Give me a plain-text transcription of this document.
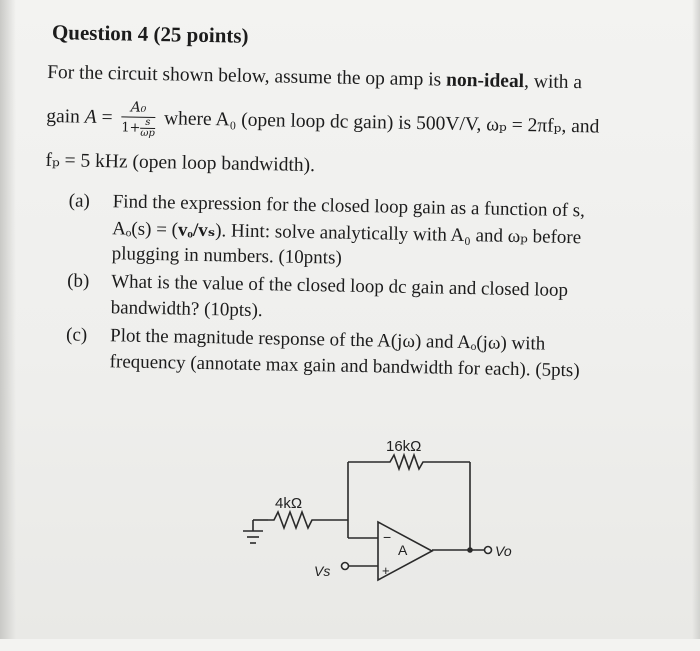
Question 4 (25 points)
For the circuit shown below, assume the op amp is non-ideal, with a
gain $A = \frac{\text{A₀}}{1+ \frac{s}{\omega p}}$ where A₀ (open loop dc gain) is 500V/V, ωₚ = 2πfₚ, and
fₚ = 5 kHz (open loop bandwidth).
(a) Find the expression for the closed loop gain as a function of s,
Aₒ(s) = (vₒ/vₛ). Hint: solve analytically with A₀ and ωₚ before
plugging in numbers. (10pnts)
(b) What is the value of the closed loop dc gain and closed loop
bandwidth? (10pts).
(c) Plot the magnitude response of the A(jω) and Aₒ(jω) with
frequency (annotate max gain and bandwidth for each). (5pts)
16kΩ
4kΩ
A
−
+
Vs
Vo
